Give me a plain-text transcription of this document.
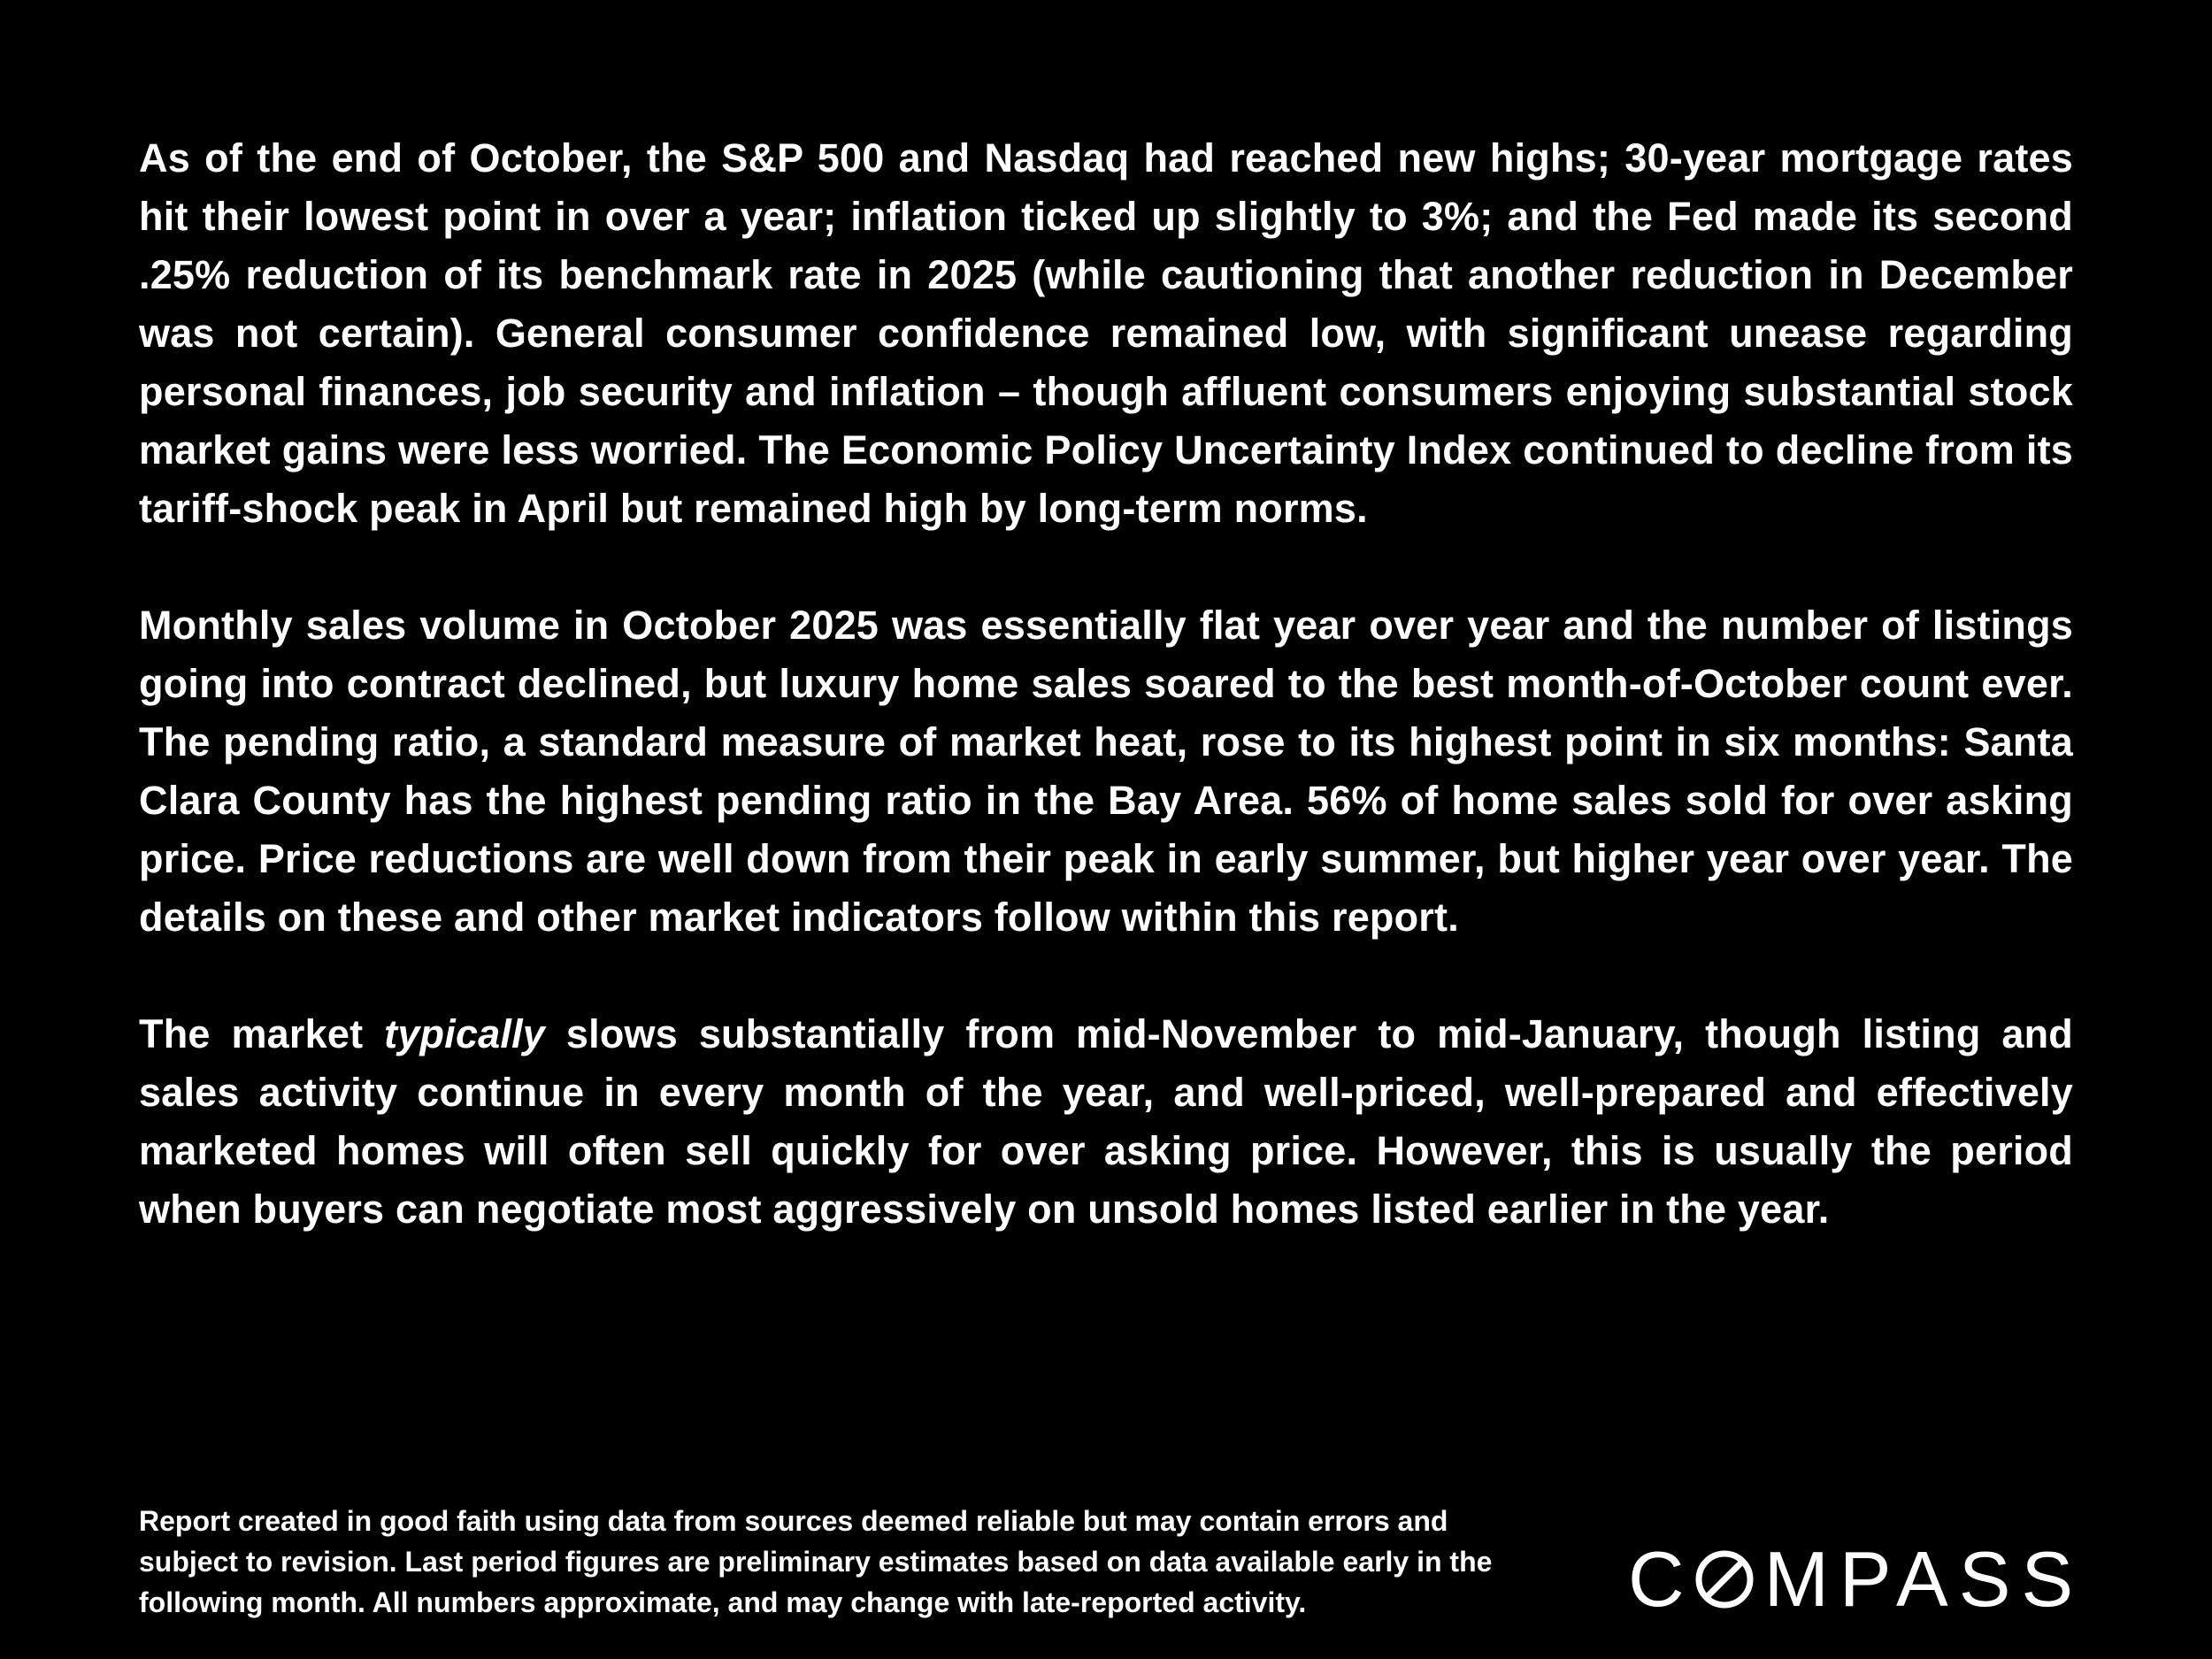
As of the end of October, the S&P 500 and Nasdaq had reached new highs; 30-year mortgage rates hit their lowest point in over a year; inflation ticked up slightly to 3%; and the Fed made its second .25% reduction of its benchmark rate in 2025 (while cautioning that another reduction in December was not certain). General consumer confidence remained low, with significant unease regarding personal finances, job security and inflation – though affluent consumers enjoying substantial stock market gains were less worried. The Economic Policy Uncertainty Index continued to decline from its tariff-shock peak in April but remained high by long-term norms.

Monthly sales volume in October 2025 was essentially flat year over year and the number of listings going into contract declined, but luxury home sales soared to the best month-of-October count ever. The pending ratio, a standard measure of market heat, rose to its highest point in six months: Santa Clara County has the highest pending ratio in the Bay Area. 56% of home sales sold for over asking price. Price reductions are well down from their peak in early summer, but higher year over year. The details on these and other market indicators follow within this report.

The market typically slows substantially from mid-November to mid-January, though listing and sales activity continue in every month of the year, and well-priced, well-prepared and effectively marketed homes will often sell quickly for over asking price. However, this is usually the period when buyers can negotiate most aggressively on unsold homes listed earlier in the year.

Report created in good faith using data from sources deemed reliable but may contain errors and subject to revision. Last period figures are preliminary estimates based on data available early in the following month. All numbers approximate, and may change with late-reported activity.	C MPASS
